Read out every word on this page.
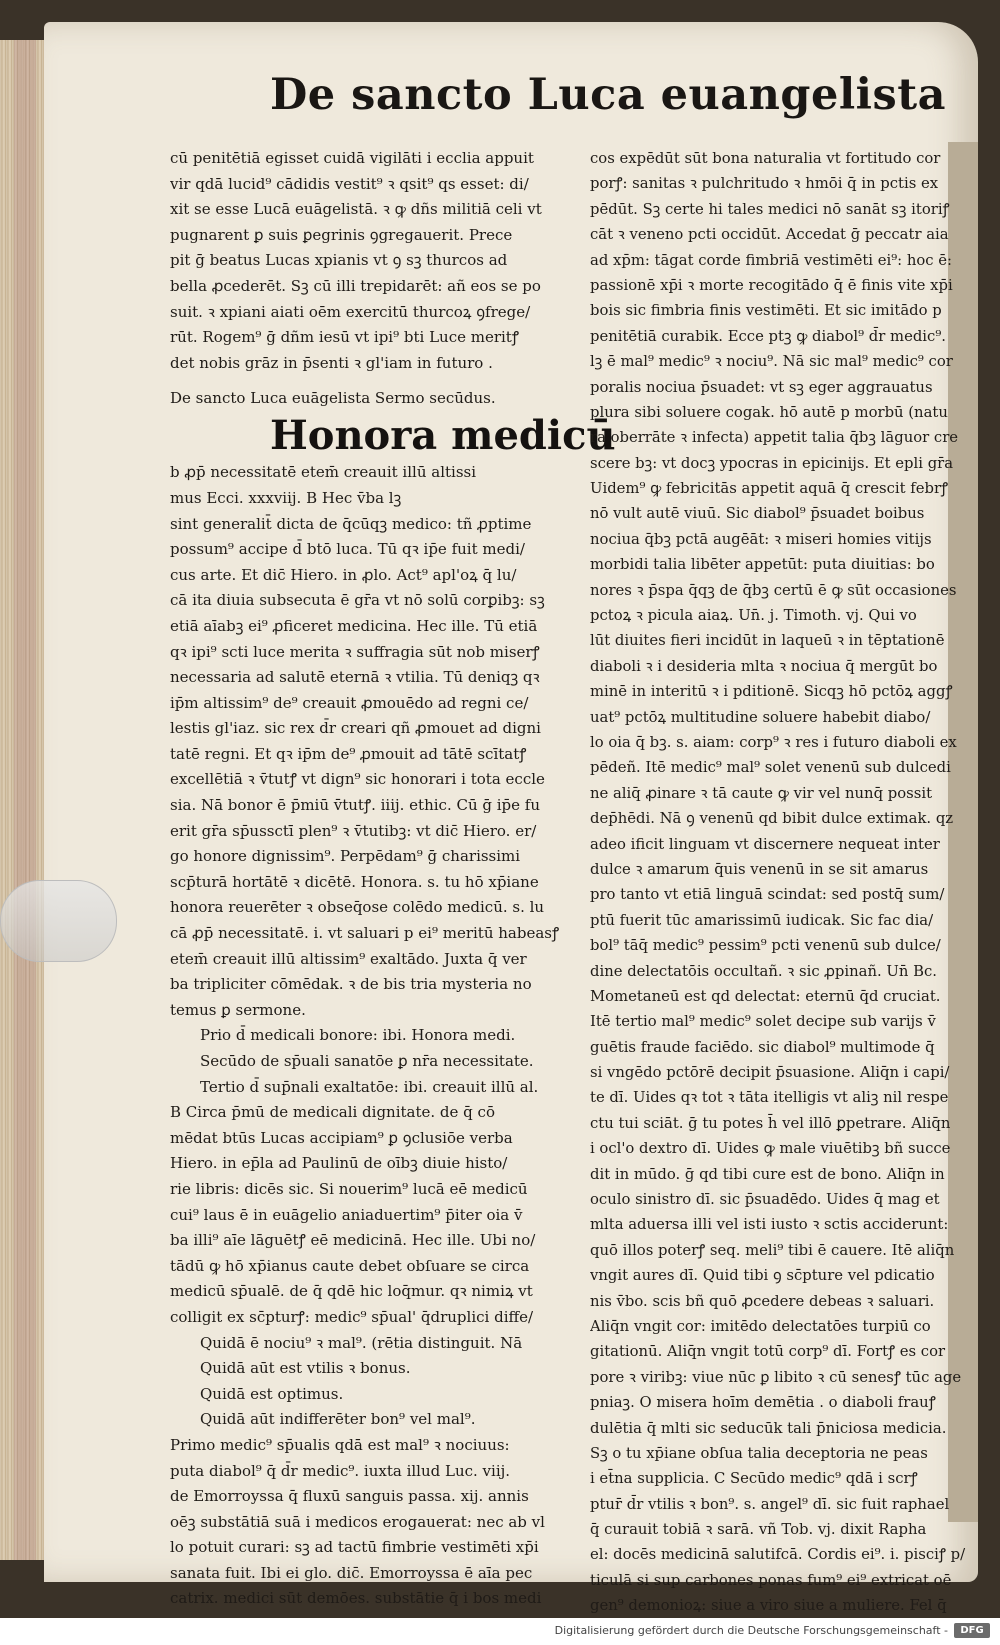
De sancto Luca euangelista
cū penitētiā egisset cuidā vigilāti i ecclia appuit
vir qdā lucid⁹ cādidis vestit⁹ ꝛ qsit⁹ qs esset: di/
xit se esse Lucā euāgelistā. ꝛ ꝙ dñs militiā celi vt
pugnarent ꝑ suis ꝑegrinis ꝯgregauerit. Prece
pit ḡ beatus Lucas xpianis vt ꝯ sꝫ thurcos ad
bella ꝓcederēt. Sꝫ cū illi trepidarēt: añ eos se po
suit. ꝛ xpiani aiati oēm exercitū thurcoꝝ ꝯfrege/
rūt. Rogem⁹ ḡ dñm iesū vt ipi⁹ bti Luce meritꝭ
det nobis grāz in p̄senti ꝛ gl'iam in futuro .
De sancto Luca euāgelista Sermo secūdus.
Honora medicū
b ꝓp̄ necessitatē etem̄ creauit illū altissi
mus Ecci. xxxviij. B Hec v̄ba lꝫ
sint generalit̄ dicta de q̄cūqꝫ medico: tñ ꝓptime
possum⁹ accipe d̄ btō luca. Tū qꝛ ip̄e fuit medi/
cus arte. Et dic̄ Hiero. in ꝓlo. Act⁹ apl'oꝝ q̄ lu/
cā ita diuia subsecuta ē gr̄a vt nō solū corꝑibꝫ: sꝫ
etiā aīabꝫ ei⁹ ꝓficeret medicina. Hec ille. Tū etiā
qꝛ ipi⁹ scti luce merita ꝛ suffragia sūt nob miserꝭ
necessaria ad salutē eternā ꝛ vtilia. Tū deniqꝫ qꝛ
ip̄m altissim⁹ de⁹ creauit ꝓmouēdo ad regni ce/
lestis gl'iaz. sic rex d̄r creari qñ ꝓmouet ad digni
tatē regni. Et qꝛ ip̄m de⁹ ꝓmouit ad tātē scītatꝭ
excellētiā ꝛ v̄tutꝭ vt dign⁹ sic honorari i tota eccle
sia. Nā bonor ē p̄miū v̄tutꝭ. iiij. ethic. Cū ḡ ip̄e fu
erit gr̄a sp̄ussctī plen⁹ ꝛ v̄tutibꝫ: vt dic̄ Hiero. er/
go honore dignissim⁹. Perpēdam⁹ ḡ charissimi
scp̄turā hortātē ꝛ dicētē. Honora. s. tu hō xp̄iane
honora reuerēter ꝛ obseq̄ose colēdo medicū. s. lu
cā ꝓp̄ necessitatē. i. vt saluari p ei⁹ meritū habeasꝭ
etem̄ creauit illū altissim⁹ exaltādo. Juxta q̄ ver
ba tripliciter cōmēdak. ꝛ de bis tria mysteria no
temus ꝑ sermone.
Prio d̄ medicali bonore: ibi. Honora medi.
Secūdo de sp̄uali sanatōe ꝑ nr̄a necessitate.
Tertio d̄ sup̄nali exaltatōe: ibi. creauit illū al.
B Circa p̄mū de medicali dignitate. de q̄ cō
mēdat btūs Lucas accipiam⁹ ꝑ ꝯclusiōe verba
Hiero. in ep̄la ad Paulinū de oībꝫ diuie histo/
rie libris: dicēs sic. Si nouerim⁹ lucā eē medicū
cui⁹ laus ē in euāgelio aniaduertim⁹ p̄iter oia v̄
ba illi⁹ aīe lāguētꝭ eē medicinā. Hec ille. Ubi no/
tādū ꝙ hō xp̄ianus caute debet obſuare se circa
medicū sp̄ualē. de q̄ qdē hic loq̄mur. qꝛ nimiꝝ vt
colligit ex sc̄pturꝭ: medic⁹ sp̄ual' q̄druplici diffe/
Quidā ē nociu⁹ ꝛ mal⁹. (rētia distinguit. Nā
Quidā aūt est vtilis ꝛ bonus.
Quidā est optimus.
Quidā aūt indifferēter bon⁹ vel mal⁹.
Primo medic⁹ sp̄ualis qdā est mal⁹ ꝛ nociuus:
puta diabol⁹ q̄ d̄r medic⁹. iuxta illud Luc. viij.
de Emorroyssa q̄ fluxū sanguis passa. xij. annis
oēꝫ substātiā suā i medicos erogauerat: nec ab vl
lo potuit curari: sꝫ ad tactū fimbrie vestimēti xp̄i
sanata fuit. Ibi ei glo. dic̄. Emorroyssa ē aīa pec
catrix. medici sūt demōes. substātie q̄ i bos medi
cos expēdūt sūt bona naturalia vt fortitudo cor
porꝭ: sanitas ꝛ pulchritudo ꝛ hmōi q̄ in pctis ex
pēdūt. Sꝫ certe hi tales medici nō sanāt sꝫ itoriꝭ
cāt ꝛ veneno pcti occidūt. Accedat ḡ peccatr aia
ad xp̄m: tāgat corde fimbriā vestimēti ei⁹: hoc ē:
passionē xp̄i ꝛ morte recogitādo q̄ ē finis vite xp̄i
bois sic fimbria finis vestimēti. Et sic imitādo p
penitētiā curabik. Ecce ptꝫ ꝙ diabol⁹ d̄r medic⁹.
lꝫ ē mal⁹ medic⁹ ꝛ nociu⁹. Nā sic mal⁹ medic⁹ cor
poralis nociua p̄suadet: vt sꝫ eger aggrauatus
plura sibi soluere cogak. hō autē p morbū (natu
ra oberrāte ꝛ infecta) appetit talia q̄bꝫ lāguor cre
scere bꝫ: vt docꝫ ypocras in epicinijs. Et epli gr̄a
Uidem⁹ ꝙ febricitās appetit aquā q̄ crescit febrꝭ
nō vult autē viuū. Sic diabol⁹ p̄suadet boibus
nociua q̄bꝫ pctā augēāt: ꝛ miseri homies vitijs
morbidi talia libēter appetūt: puta diuitias: bo
nores ꝛ p̄spa q̄qꝫ de q̄bꝫ certū ē ꝙ sūt occasiones
pctoꝝ ꝛ picula aiaꝝ. Un̄. j. Timoth. vj. Qui vo
lūt diuites fieri incidūt in laqueū ꝛ in tēptationē
diaboli ꝛ i desideria mlta ꝛ nociua q̄ mergūt bo
minē in interitū ꝛ i pditionē. Sicqꝫ hō pctōꝝ aggꝭ
uat⁹ pctōꝝ multitudine soluere habebit diabo/
lo oia q̄ bꝫ. s. aiam: corp⁹ ꝛ res i futuro diaboli ex
pēdeñ. Itē medic⁹ mal⁹ solet venenū sub dulcedi
ne aliq̄ ꝓinare ꝛ tā caute ꝙ vir vel nunq̄ possit
dep̄hēdi. Nā ꝯ venenū qd bibit dulce extimak. qz
adeo ificit linguam vt discernere nequeat inter
dulce ꝛ amarum q̄uis venenū in se sit amarus
pro tanto vt etiā linguā scindat: sed postq̄ sum/
ptū fuerit tūc amarissimū iudicak. Sic fac dia/
bol⁹ tāq̄ medic⁹ pessim⁹ pcti venenū sub dulce/
dine delectatōis occultañ. ꝛ sic ꝓpinañ. Un̄ Bc.
Mometaneū est qd delectat: eternū q̄d cruciat.
Itē tertio mal⁹ medic⁹ solet decipe sub varijs v̄
guētis fraude faciēdo. sic diabol⁹ multimode q̄
si vngēdo pctōrē decipit p̄suasione. Aliq̄n i capi/
te dī. Uides qꝛ tot ꝛ tāta itelligis vt aliꝫ nil respe
ctu tui sciāt. ḡ tu potes h̄ vel illō ꝑpetrare. Aliq̄n
i ocl'o dextro dī. Uides ꝙ male viuētibꝫ bñ succe
dit in mūdo. ḡ qd tibi cure est de bono. Aliq̄n in
oculo sinistro dī. sic p̄suadēdo. Uides q̄ mag et
mlta aduersa illi vel isti iusto ꝛ sctis acciderunt:
quō illos poterꝭ seq. meli⁹ tibi ē cauere. Itē aliq̄n
vngit aures dī. Quid tibi ꝯ sc̄pture vel pdicatio
nis v̄bo. scis bñ quō ꝓcedere debeas ꝛ saluari.
Aliq̄n vngit cor: imitēdo delectatōes turpiū co
gitationū. Aliq̄n vngit totū corp⁹ dī. Fortꝭ es cor
pore ꝛ viribꝫ: viue nūc ꝑ libito ꝛ cū senesꝭ tūc age
pniaꝫ. O misera hoīm demētia . o diaboli frauꝭ
dulētia q̄ mlti sic seducūk tali p̄niciosa medicia.
Sꝫ o tu xp̄iane obſua talia deceptoria ne peas
i et̄na supplicia. C Secūdo medic⁹ qdā i scrꝭ
ptur̄ d̄r vtilis ꝛ bon⁹. s. angel⁹ dī. sic fuit raphael
q̄ curauit tobiā ꝛ sarā. vñ Tob. vj. dixit Rapha
el: docēs medicinā salutifcā. Cordis ei⁹. i. pisciꝭ p/
ticulā si sup carbones ponas fum⁹ ei⁹ extricat oē
gen⁹ demonioꝝ: siue a viro siue a muliere. Fel q̄
Digitalisierung gefördert durch die Deutsche Forschungsgemeinschaft -	DFG
